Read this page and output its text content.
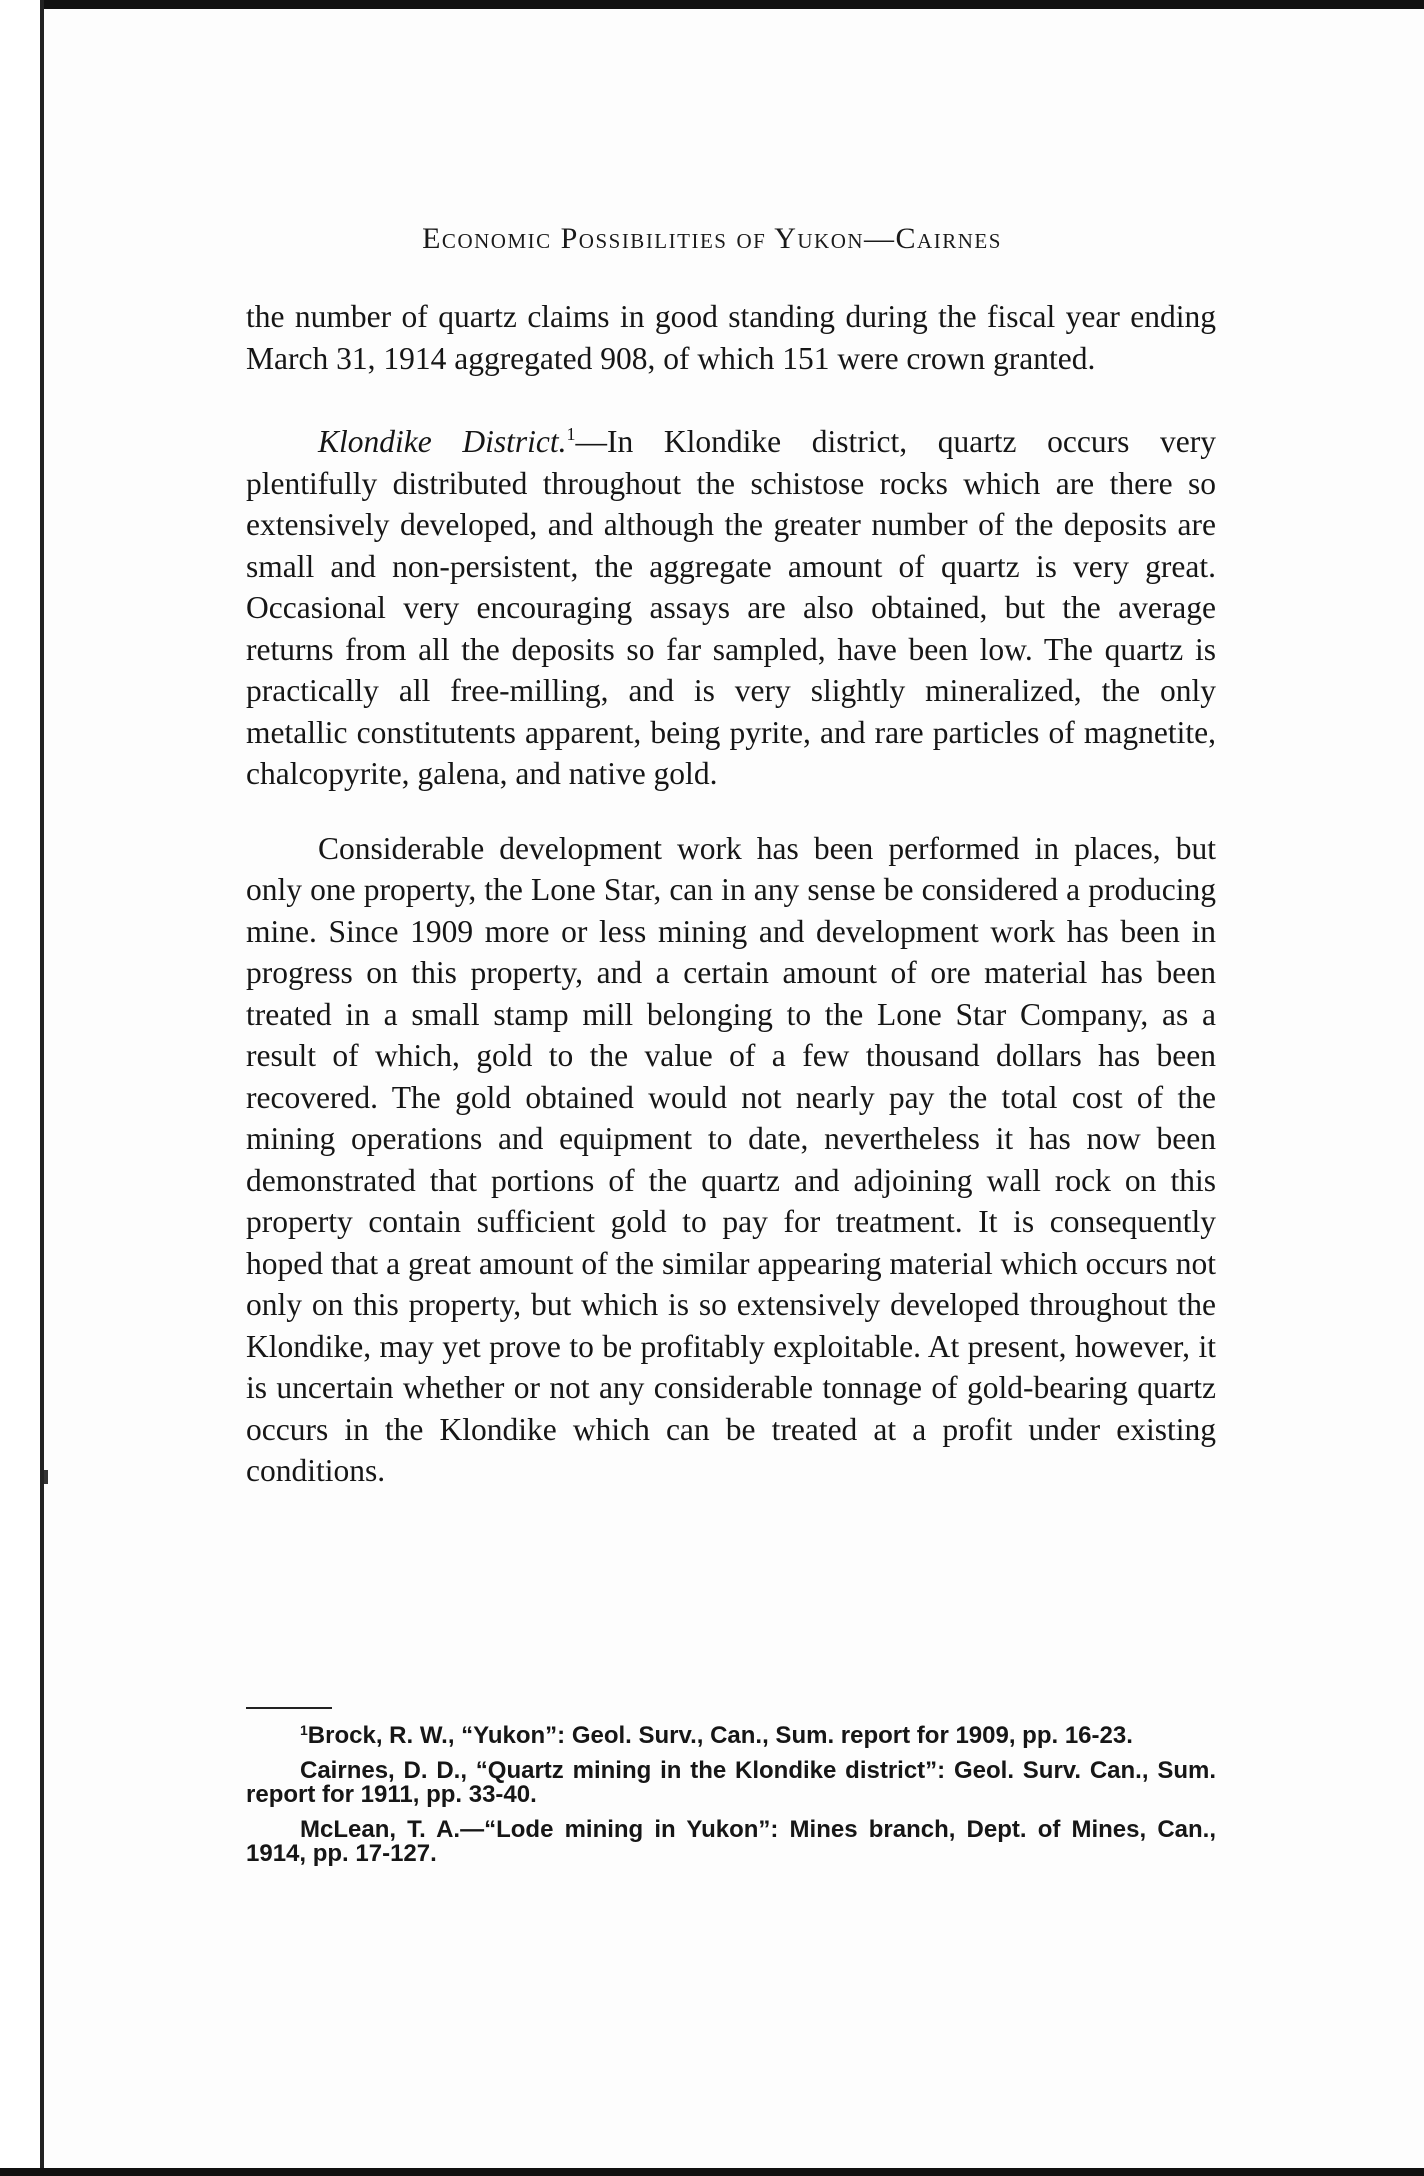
Economic Possibilities of Yukon—Cairnes

the number of quartz claims in good standing during the fiscal year ending March 31, 1914 aggregated 908, of which 151 were crown granted.

Klondike District.$^1$—In Klondike district, quartz occurs very plentifully distributed throughout the schistose rocks which are there so extensively developed, and although the greater number of the deposits are small and non-persistent, the aggregate amount of quartz is very great. Occasional very encouraging assays are also obtained, but the average returns from all the deposits so far sampled, have been low. The quartz is practically all free-milling, and is very slightly mineralized, the only metallic constitutents apparent, being pyrite, and rare particles of magnetite, chalcopyrite, galena, and native gold.

Considerable development work has been performed in places, but only one property, the Lone Star, can in any sense be considered a producing mine. Since 1909 more or less mining and development work has been in progress on this property, and a certain amount of ore material has been treated in a small stamp mill belonging to the Lone Star Company, as a result of which, gold to the value of a few thousand dollars has been recovered. The gold obtained would not nearly pay the total cost of the mining operations and equipment to date, nevertheless it has now been demonstrated that portions of the quartz and adjoining wall rock on this property contain sufficient gold to pay for treatment. It is consequently hoped that a great amount of the similar appearing material which occurs not only on this property, but which is so extensively developed throughout the Klondike, may yet prove to be profitably exploitable. At present, however, it is uncertain whether or not any considerable tonnage of gold-bearing quartz occurs in the Klondike which can be treated at a profit under existing conditions.

$^1$Brock, R. W., “Yukon”: Geol. Surv., Can., Sum. report for 1909, pp. 16-23.

Cairnes, D. D., “Quartz mining in the Klondike district”: Geol. Surv. Can., Sum. report for 1911, pp. 33-40.

McLean, T. A.—“Lode mining in Yukon”: Mines branch, Dept. of Mines, Can., 1914, pp. 17-127.
